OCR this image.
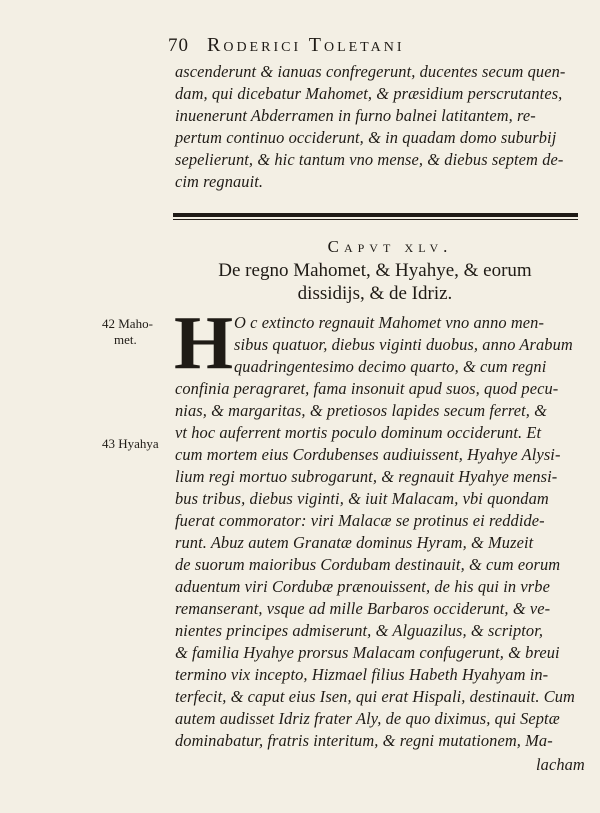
70 Roderici Toletani
ascenderunt & ianuas confregerunt, ducentes secum quen-
dam, qui dicebatur Mahomet, & præsidium perscrutantes,
inuenerunt Abderramen in furno balnei latitantem, re-
pertum continuo occiderunt, & in quadam domo suburbij
sepelierunt, & hic tantum vno mense, & diebus septem de-
cim regnauit.
Capvt xlv.
De regno Mahomet, & Hyahye, & eorum
dissidijs, & de Idriz.
H O c extincto regnauit Mahomet vno anno men-
sibus quatuor, diebus viginti duobus, anno Arabum
quadringentesimo decimo quarto, & cum regni
confinia peragraret, fama insonuit apud suos, quod pecu-
nias, & margaritas, & pretiosos lapides secum ferret, &
vt hoc auferrent mortis poculo dominum occiderunt. Et
cum mortem eius Cordubenses audiuissent, Hyahye Alysi-
lium regi mortuo subrogarunt, & regnauit Hyahye mensi-
bus tribus, diebus viginti, & iuit Malacam, vbi quondam
fuerat commorator: viri Malacæ se protinus ei reddide-
runt. Abuz autem Granatæ dominus Hyram, & Muzeit
de suorum maioribus Cordubam destinauit, & cum eorum
aduentum viri Cordubæ prænouissent, de his qui in vrbe
remanserant, vsque ad mille Barbaros occiderunt, & ve-
nientes principes admiserunt, & Alguazilus, & scriptor,
& familia Hyahye prorsus Malacam confugerunt, & breui
termino vix incepto, Hizmael filius Habeth Hyahyam in-
terfecit, & caput eius Isen, qui erat Hispali, destinauit. Cum
autem audisset Idriz frater Aly, de quo diximus, qui Septæ
dominabatur, fratris interitum, & regni mutationem, Ma-
lacham
42 Maho-
met.
43 Hyahya
